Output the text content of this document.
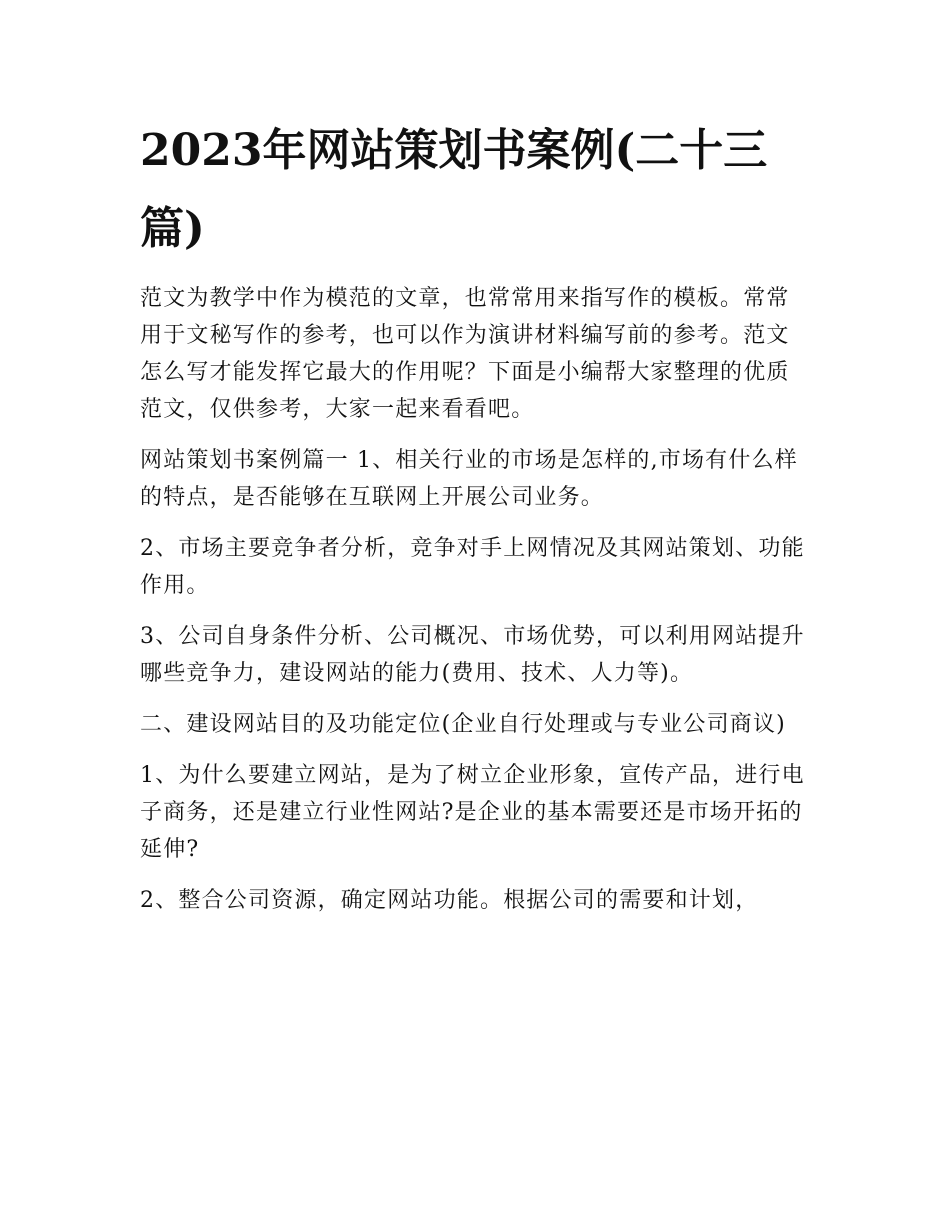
2023年网站策划书案例(二十三篇)

范文为教学中作为模范的文章，也常常用来指写作的模板。常常用于文秘写作的参考，也可以作为演讲材料编写前的参考。范文怎么写才能发挥它最大的作用呢？下面是小编帮大家整理的优质范文，仅供参考，大家一起来看看吧。

网站策划书案例篇一 1、相关行业的市场是怎样的,市场有什么样的特点，是否能够在互联网上开展公司业务。

2、市场主要竞争者分析，竞争对手上网情况及其网站策划、功能作用。

3、公司自身条件分析、公司概况、市场优势，可以利用网站提升哪些竞争力，建设网站的能力(费用、技术、人力等)。

二、建设网站目的及功能定位(企业自行处理或与专业公司商议)

1、为什么要建立网站，是为了树立企业形象，宣传产品，进行电子商务，还是建立行业性网站?是企业的基本需要还是市场开拓的延伸?

2、整合公司资源，确定网站功能。根据公司的需要和计划，
